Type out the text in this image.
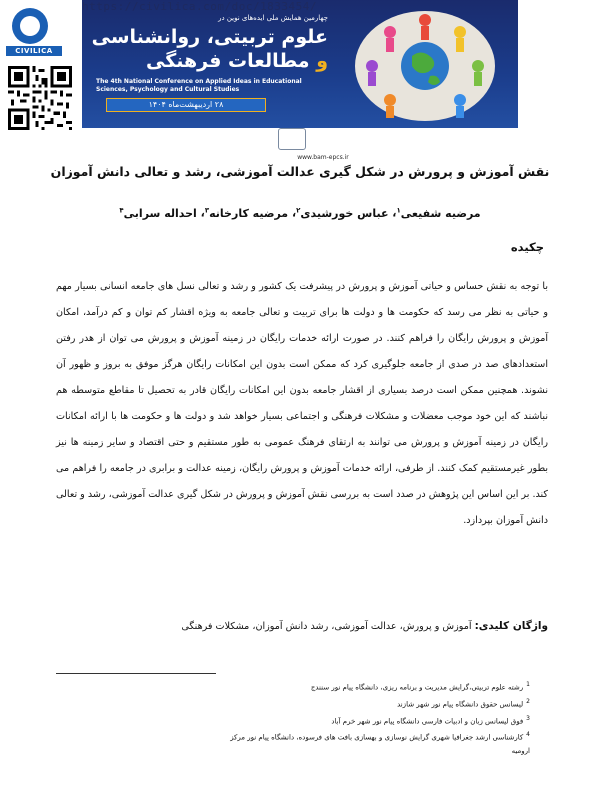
https://civilica.com/doc/1833454/
چهارمین همایش ملی ایده‌های نوین در
علوم تربیتی، روانشناسی
و مطالعات فرهنگی
The 4th National Conference on Applied Ideas in Educational Sciences, Psychology and Cultural Studies
۲۸ اردیبهشت‌ماه ۱۴۰۴
www.bam-epcs.ir
CIVILICA
نقش آموزش و پرورش در شکل گیری عدالت آموزشی، رشد و تعالی دانش آموزان
مرضیه شفیعی$^۱$، عباس خورشیدی$^۲$، مرضیه کارخانه$^۳$، احداله سرابی$^۴$
چکیده
با توجه به نقش حساس و حیاتی آموزش و پرورش در پیشرفت یک کشور و رشد و تعالی نسل های جامعه انسانی بسیار مهم و حیاتی به نظر می رسد که حکومت ها و دولت ها برای تربیت و تعالی جامعه به ویژه اقشار کم توان و کم درآمد، امکان آموزش و پرورش رایگان را فراهم کنند. در صورت ارائه خدمات رایگان در زمینه آموزش و پرورش می توان از هدر رفتن استعدادهای صد در صدی از جامعه جلوگیری کرد که ممکن است بدون این امکانات رایگان هرگز موفق به بروز و ظهور آن نشوند. همچنین ممکن است درصد بسیاری از اقشار جامعه بدون این امکانات رایگان قادر به تحصیل تا مقاطع متوسطه هم نباشند که این خود موجب معضلات و مشکلات فرهنگی و اجتماعی بسیار خواهد شد و دولت ها و حکومت ها با ارائه امکانات رایگان در زمینه آموزش و پرورش می توانند به ارتقای فرهنگ عمومی به طور مستقیم و حتی اقتصاد و سایر زمینه ها نیز بطور غیرمستقیم کمک کنند. از طرفی، ارائه خدمات آموزش و پرورش رایگان، زمینه عدالت و برابری در جامعه را فراهم می کند. بر این اساس این پژوهش در صدد است به بررسی نقش آموزش و پرورش در شکل گیری عدالت آموزشی، رشد و تعالی دانش آموزان بپردازد.
واژگان کلیدی: آموزش و پرورش، عدالت آموزشی، رشد دانش آموزان، مشکلات فرهنگی
$^1$رشته علوم تربیتی،گرایش مدیریت و برنامه ریزی، دانشگاه پیام نور سنندج
$^2$لیسانس حقوق دانشگاه پیام نور شهر شازند
$^3$فوق لیسانس زبان و ادبیات فارسی دانشگاه پیام نور شهر خرم آباد
$^4$کارشناسی ارشد جغرافیا شهری گرایش نوسازی و بهسازی بافت های فرسوده، دانشگاه پیام نور مرکز ارومیه
